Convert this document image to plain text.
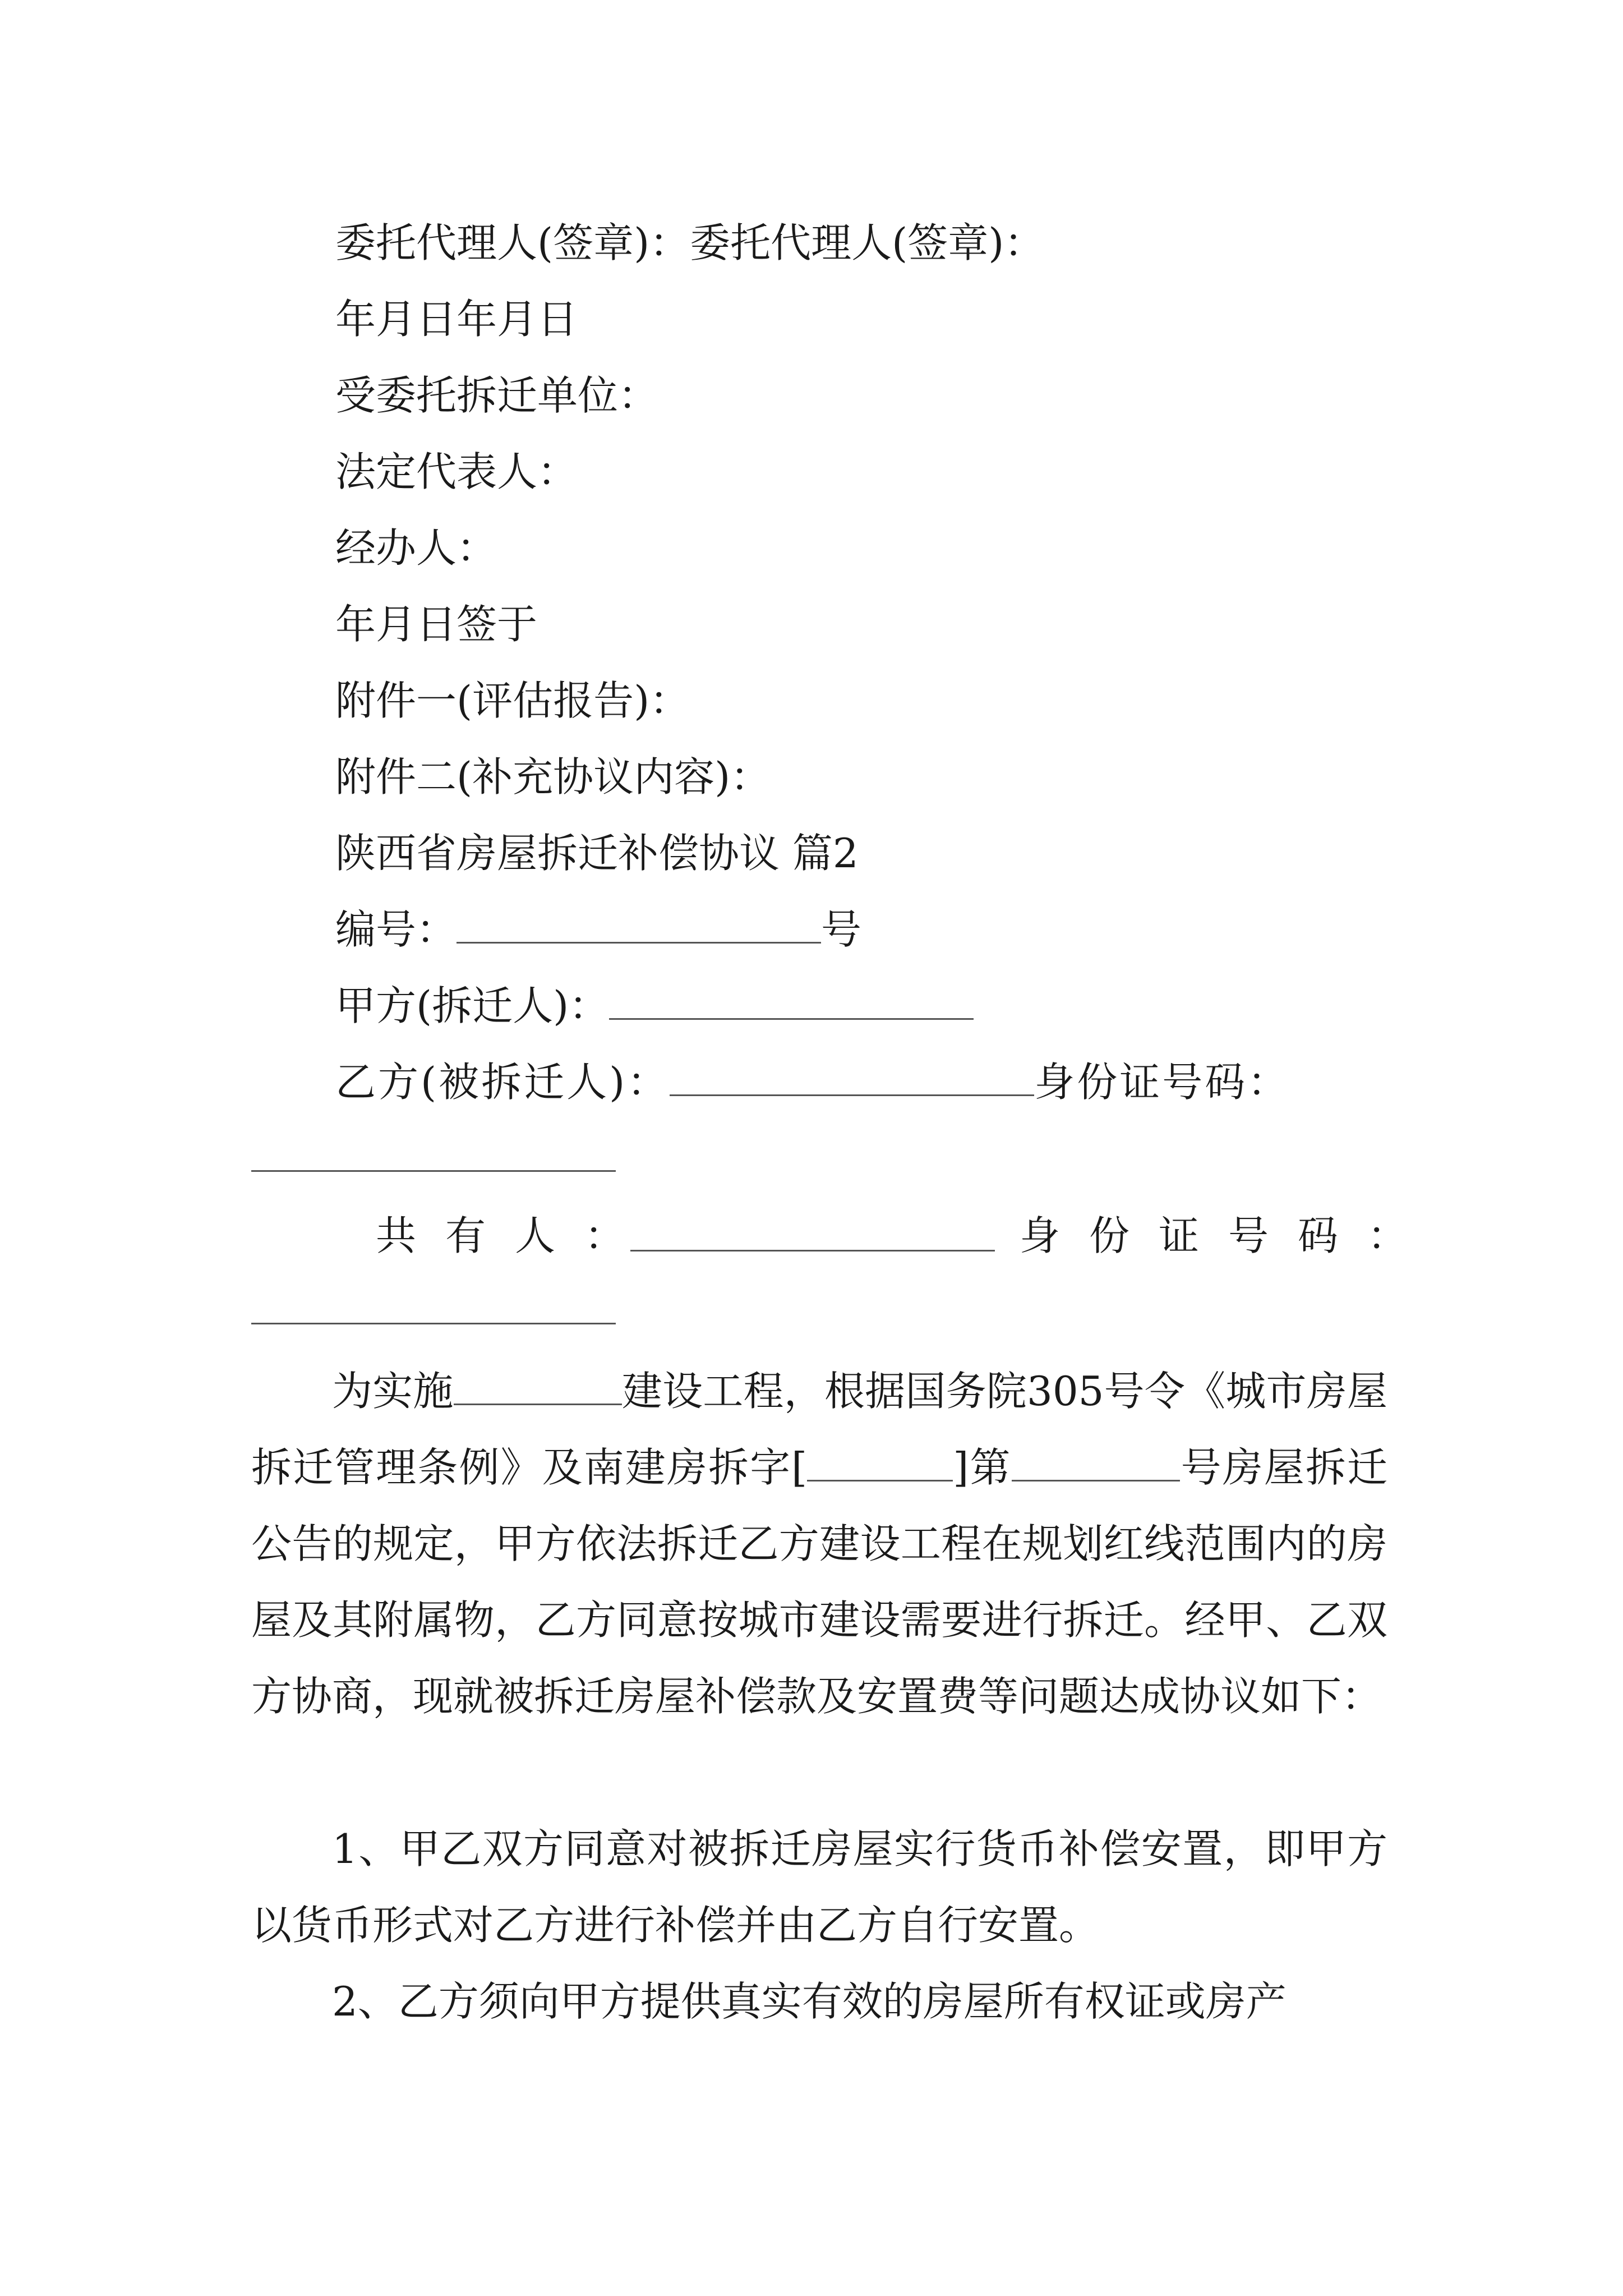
委托代理人(签章)：委托代理人(签章)：
年月日年月日
受委托拆迁单位：
法定代表人：
经办人：
年月日签于
附件一(评估报告)：
附件二(补充协议内容)：
陕西省房屋拆迁补偿协议 篇2
编号：	号
甲方(拆迁人)：
乙方(被拆迁人)：	身份证号码：
共有人：	身份证号码：
为实施	建设工程，根据国务院305号令《城市房屋拆迁管理条例》及南建房拆字[	]第	号房屋拆迁公告的规定，甲方依法拆迁乙方建设工程在规划红线范围内的房屋及其附属物，乙方同意按城市建设需要进行拆迁。经甲、乙双方协商，现就被拆迁房屋补偿款及安置费等问题达成协议如下：
1、甲乙双方同意对被拆迁房屋实行货币补偿安置，即甲方以货币形式对乙方进行补偿并由乙方自行安置。
2、乙方须向甲方提供真实有效的房屋所有权证或房产
